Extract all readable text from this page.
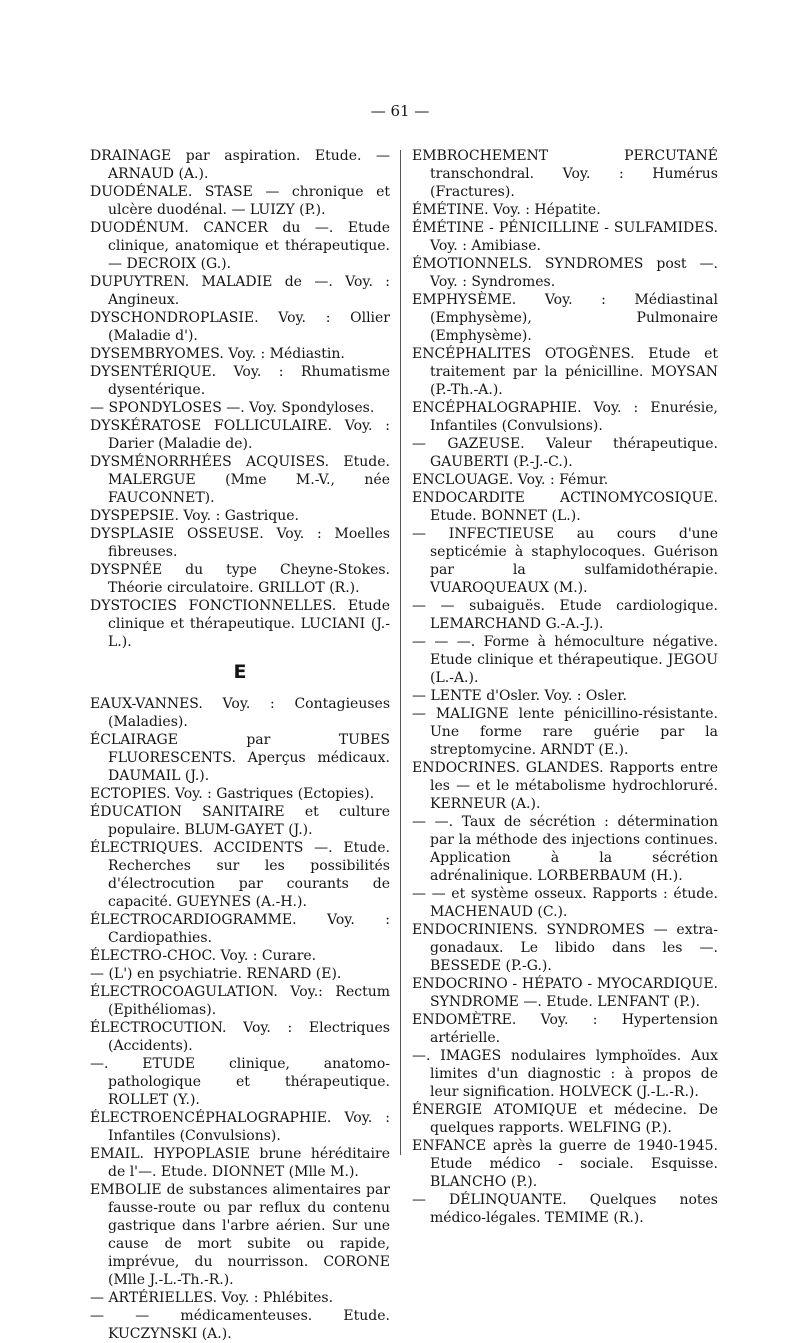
— 61 —

DRAINAGE par aspiration. Etude. — ARNAUD (A.).

DUODÉNALE. STASE — chronique et ulcère duodénal. — LUIZY (P.).

DUODÉNUM. CANCER du —. Etude clinique, anatomique et thérapeutique. — DECROIX (G.).

DUPUYTREN. MALADIE de —. Voy. : Angineux.

DYSCHONDROPLASIE. Voy. : Ollier (Maladie d').

DYSEMBRYOMES. Voy. : Médiastin.

DYSENTÉRIQUE. Voy. : Rhumatisme dysentérique.

— SPONDYLOSES —. Voy. Spondyloses.

DYSKÉRATOSE FOLLICULAIRE. Voy. : Darier (Maladie de).

DYSMÉNORRHÉES ACQUISES. Etude. MALERGUE (Mme M.-V., née FAUCONNET).

DYSPEPSIE. Voy. : Gastrique.

DYSPLASIE OSSEUSE. Voy. : Moelles fibreuses.

DYSPNÉE du type Cheyne-Stokes. Théorie circulatoire. GRILLOT (R.).

DYSTOCIES FONCTIONNELLES. Etude clinique et thérapeutique. LUCIANI (J.-L.).

E

EAUX-VANNES. Voy. : Contagieuses (Maladies).

ÉCLAIRAGE par TUBES FLUORESCENTS. Aperçus médicaux. DAUMAIL (J.).

ECTOPIES. Voy. : Gastriques (Ectopies).

ÉDUCATION SANITAIRE et culture populaire. BLUM-GAYET (J.).

ÉLECTRIQUES. ACCIDENTS —. Etude. Recherches sur les possibilités d'électrocution par courants de capacité. GUEYNES (A.-H.).

ÉLECTROCARDIOGRAMME. Voy. : Cardiopathies.

ÉLECTRO-CHOC. Voy. : Curare.

— (L') en psychiatrie. RENARD (E).

ÉLECTROCOAGULATION. Voy.: Rectum (Epithéliomas).

ÉLECTROCUTION. Voy. : Electriques (Accidents).

—. ETUDE clinique, anatomo-pathologique et thérapeutique. ROLLET (Y.).

ÉLECTROENCÉPHALOGRAPHIE. Voy. : Infantiles (Convulsions).

EMAIL. HYPOPLASIE brune héréditaire de l'—. Etude. DIONNET (Mlle M.).

EMBOLIE de substances alimentaires par fausse-route ou par reflux du contenu gastrique dans l'arbre aérien. Sur une cause de mort subite ou rapide, imprévue, du nourrisson. CORONE (Mlle J.-L.-Th.-R.).

— ARTÉRIELLES. Voy. : Phlébites.

— — médicamenteuses. Etude. KUCZYNSKI (A.).

EMBROCHEMENT PERCUTANÉ transchondral. Voy. : Humérus (Fractures).

ÉMÉTINE. Voy. : Hépatite.

ÉMÉTINE - PÉNICILLINE - SULFAMIDES. Voy. : Amibiase.

ÉMOTIONNELS. SYNDROMES post —. Voy. : Syndromes.

EMPHYSÈME. Voy. : Médiastinal (Emphysème), Pulmonaire (Emphysème).

ENCÉPHALITES OTOGÈNES. Etude et traitement par la pénicilline. MOYSAN (P.-Th.-A.).

ENCÉPHALOGRAPHIE. Voy. : Enurésie, Infantiles (Convulsions).

— GAZEUSE. Valeur thérapeutique. GAUBERTI (P.-J.-C.).

ENCLOUAGE. Voy. : Fémur.

ENDOCARDITE ACTINOMYCOSIQUE. Etude. BONNET (L.).

— INFECTIEUSE au cours d'une septicémie à staphylocoques. Guérison par la sulfamidothérapie. VUAROQUEAUX (M.).

— — subaiguës. Etude cardiologique. LEMARCHAND G.-A.-J.).

— — —. Forme à hémoculture négative. Etude clinique et thérapeutique. JEGOU (L.-A.).

— LENTE d'Osler. Voy. : Osler.

— MALIGNE lente pénicillino-résistante. Une forme rare guérie par la streptomycine. ARNDT (E.).

ENDOCRINES. GLANDES. Rapports entre les — et le métabolisme hydrochloruré. KERNEUR (A.).

— —. Taux de sécrétion : détermination par la méthode des injections continues. Application à la sécrétion adrénalinique. LORBERBAUM (H.).

— — et système osseux. Rapports : étude. MACHENAUD (C.).

ENDOCRINIENS. SYNDROMES — extra-gonadaux. Le libido dans les —. BESSEDE (P.-G.).

ENDOCRINO - HÉPATO - MYOCARDIQUE. SYNDROME —. Etude. LENFANT (P.).

ENDOMÈTRE. Voy. : Hypertension artérielle.

—. IMAGES nodulaires lymphoïdes. Aux limites d'un diagnostic : à propos de leur signification. HOLVECK (J.-L.-R.).

ÉNERGIE ATOMIQUE et médecine. De quelques rapports. WELFING (P.).

ENFANCE après la guerre de 1940-1945. Etude médico - sociale. Esquisse. BLANCHO (P.).

— DÉLINQUANTE. Quelques notes médico-légales. TEMIME (R.).
